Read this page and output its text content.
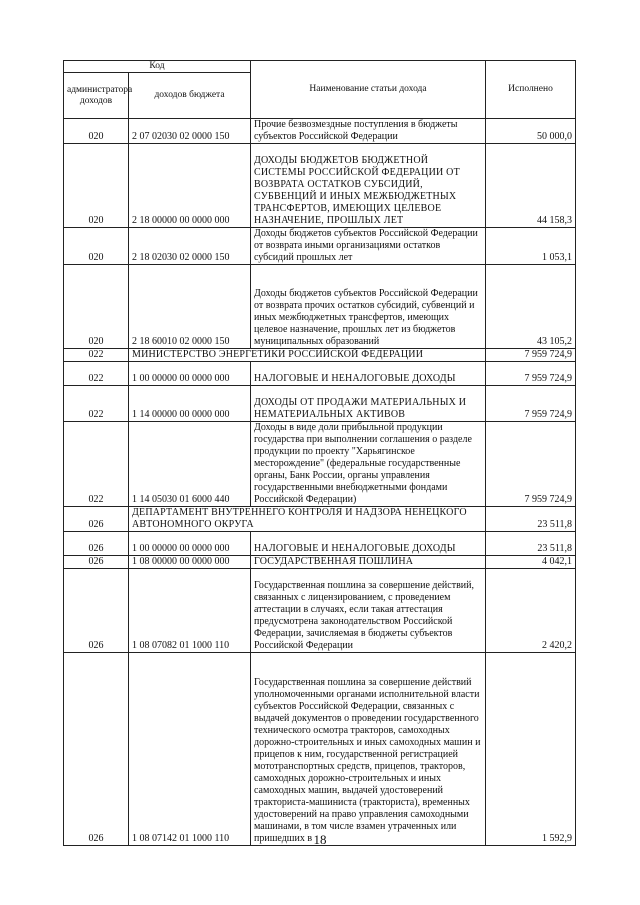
Код		Наименование статьи дохода	Исполнено
администратора доходов	доходов бюджета		
020	2 07 02030 02 0000 150	Прочие безвозмездные поступления в бюджеты субъектов Российской Федерации	50 000,0
020	2 18 00000 00 0000 000	ДОХОДЫ БЮДЖЕТОВ БЮДЖЕТНОЙ СИСТЕМЫ РОССИЙСКОЙ ФЕДЕРАЦИИ ОТ ВОЗВРАТА ОСТАТКОВ СУБСИДИЙ, СУБВЕНЦИЙ И ИНЫХ МЕЖБЮДЖЕТНЫХ ТРАНСФЕРТОВ, ИМЕЮЩИХ ЦЕЛЕВОЕ НАЗНАЧЕНИЕ, ПРОШЛЫХ ЛЕТ	44 158,3
020	2 18 02030 02 0000 150	Доходы бюджетов субъектов Российской Федерации от возврата иными организациями остатков субсидий прошлых лет	1 053,1
020	2 18 60010 02 0000 150	Доходы бюджетов субъектов Российской Федерации от возврата прочих остатков субсидий, субвенций и иных межбюджетных трансфертов, имеющих целевое назначение, прошлых лет из бюджетов муниципальных образований	43 105,2
022	МИНИСТЕРСТВО ЭНЕРГЕТИКИ РОССИЙСКОЙ ФЕДЕРАЦИИ		7 959 724,9
022	1 00 00000 00 0000 000	НАЛОГОВЫЕ И НЕНАЛОГОВЫЕ ДОХОДЫ	7 959 724,9
022	1 14 00000 00 0000 000	ДОХОДЫ ОТ ПРОДАЖИ МАТЕРИАЛЬНЫХ И НЕМАТЕРИАЛЬНЫХ АКТИВОВ	7 959 724,9
022	1 14 05030 01 6000 440	Доходы в виде доли прибыльной продукции государства при выполнении соглашения о разделе продукции по проекту "Харьягинское месторождение" (федеральные государственные органы, Банк России, органы управления государственными внебюджетными фондами Российской Федерации)	7 959 724,9
026	ДЕПАРТАМЕНТ ВНУТРЕННЕГО КОНТРОЛЯ И НАДЗОРА НЕНЕЦКОГО АВТОНОМНОГО ОКРУГА		23 511,8
026	1 00 00000 00 0000 000	НАЛОГОВЫЕ И НЕНАЛОГОВЫЕ ДОХОДЫ	23 511,8
026	1 08 00000 00 0000 000	ГОСУДАРСТВЕННАЯ ПОШЛИНА	4 042,1
026	1 08 07082 01 1000 110	Государственная пошлина за совершение действий, связанных с лицензированием, с проведением аттестации в случаях, если такая аттестация предусмотрена законодательством Российской Федерации, зачисляемая в бюджеты субъектов Российской Федерации	2 420,2
026	1 08 07142 01 1000 110	Государственная пошлина за совершение действий уполномоченными органами исполнительной власти субъектов Российской Федерации, связанных с выдачей документов о проведении государственного технического осмотра тракторов, самоходных дорожно-строительных и иных самоходных машин и прицепов к ним, государственной регистрацией мототранспортных средств, прицепов, тракторов, самоходных дорожно-строительных и иных самоходных машин, выдачей удостоверений тракториста-машиниста (тракториста), временных удостоверений на право управления самоходными машинами, в том числе взамен утраченных или пришедших в	1 592,9
18
